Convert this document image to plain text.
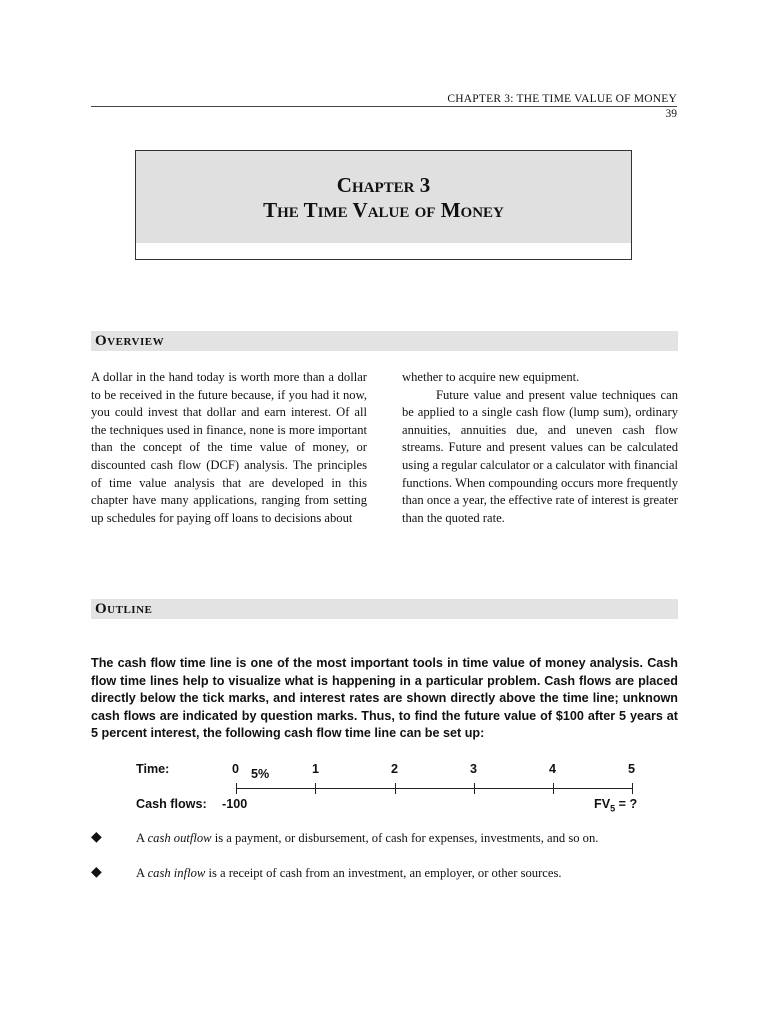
CHAPTER 3: THE TIME VALUE OF MONEY
39
Chapter 3
The Time Value of Money
Overview

A dollar in the hand today is worth more than a dollar to be received in the future because, if you had it now, you could invest that dollar and earn interest. Of all the techniques used in finance, none is more important than the concept of the time value of money, or discounted cash flow (DCF) analysis. The principles of time value analysis that are developed in this chapter have many applications, ranging from setting up schedules for paying off loans to decisions about

whether to acquire new equipment.

Future value and present value techniques can be applied to a single cash flow (lump sum), ordinary annuities, annuities due, and uneven cash flow streams. Future and present values can be calculated using a regular calculator or a calculator with financial functions. When compounding occurs more frequently than once a year, the effective rate of interest is greater than the quoted rate.

Outline
The cash flow time line is one of the most important tools in time value of money analysis. Cash flow time lines help to visualize what is happening in a particular problem. Cash flows are placed directly below the tick marks, and interest rates are shown directly above the time line; unknown cash flows are indicated by question marks. Thus, to find the future value of $100 after 5 years at 5 percent interest, the following cash flow time line can be set up:
Time:	0 5%	1	2	3	4	5
Cash flows: -100	$FV_5$ = ?
◆	A cash outflow is a payment, or disbursement, of cash for expenses, investments, and so on.
◆	A cash inflow is a receipt of cash from an investment, an employer, or other sources.
